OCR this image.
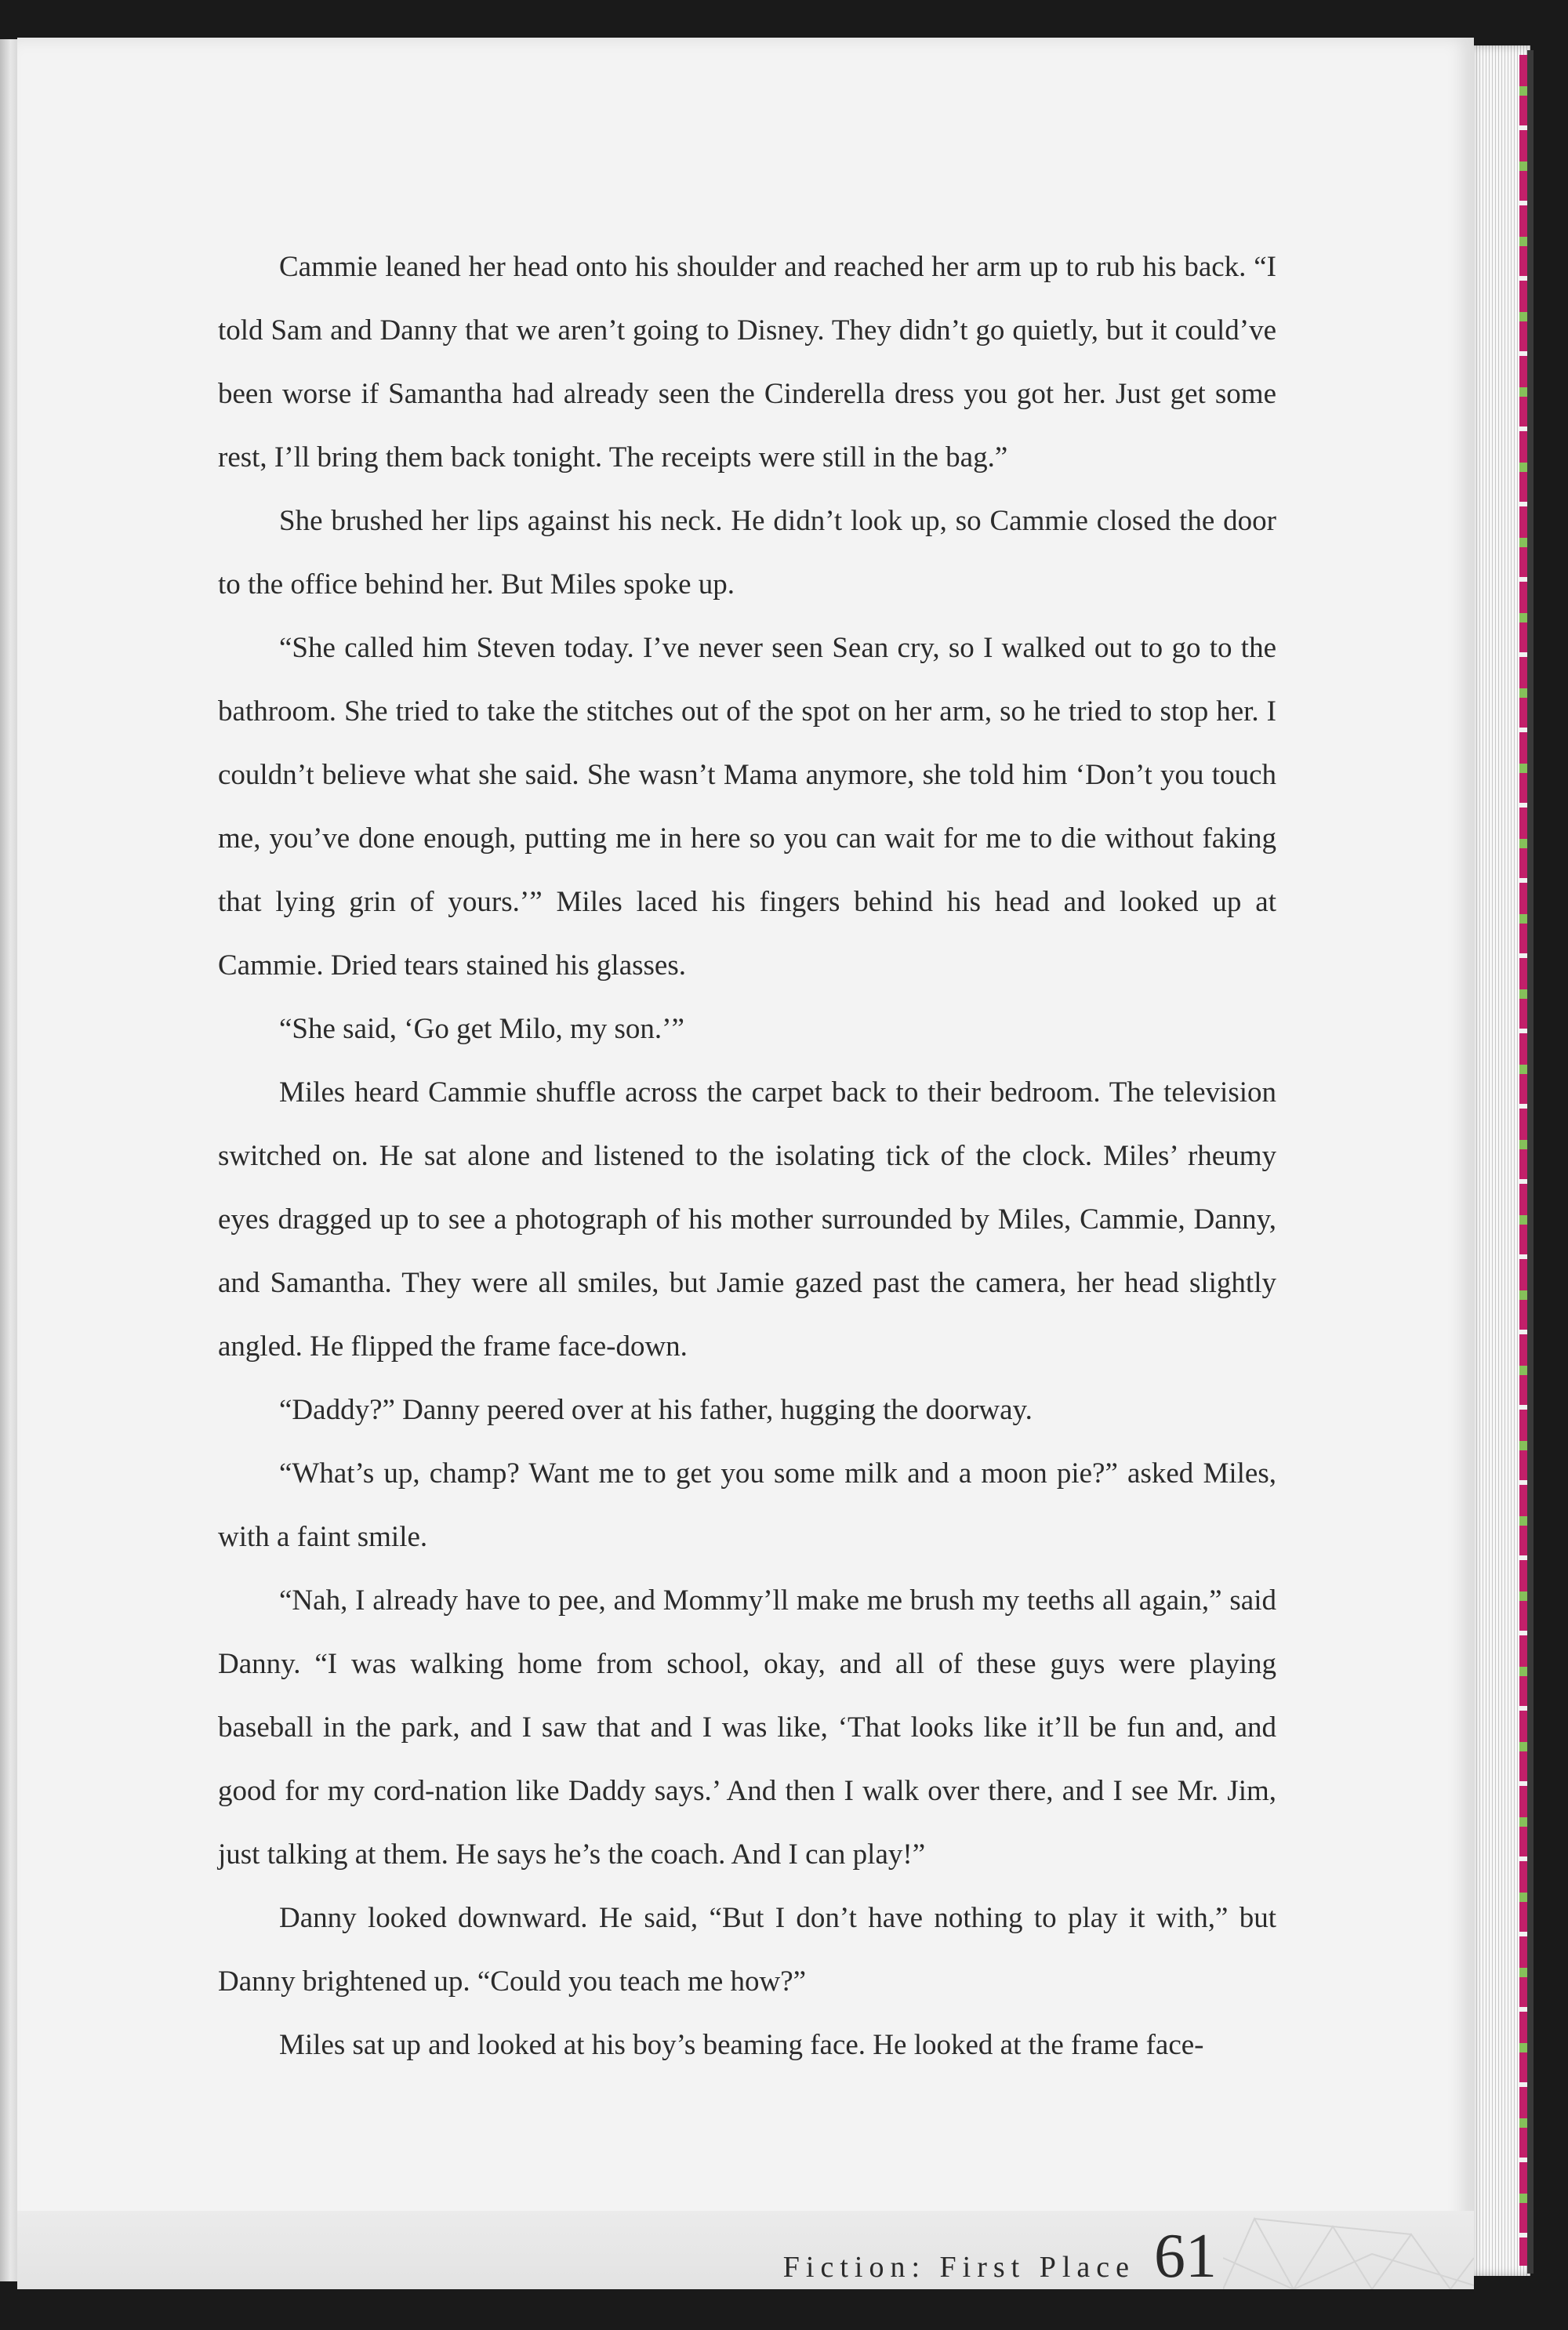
Cammie leaned her head onto his shoulder and reached her arm up to rub his back. “I told Sam and Danny that we aren’t going to Disney. They didn’t go quietly, but it could’ve been worse if Samantha had already seen the Cinderella dress you got her. Just get some rest, I’ll bring them back tonight. The receipts were still in the bag.”

She brushed her lips against his neck. He didn’t look up, so Cammie closed the door to the office behind her. But Miles spoke up.

“She called him Steven today. I’ve never seen Sean cry, so I walked out to go to the bathroom. She tried to take the stitches out of the spot on her arm, so he tried to stop her. I couldn’t believe what she said. She wasn’t Mama anymore, she told him ‘Don’t you touch me, you’ve done enough, putting me in here so you can wait for me to die without faking that lying grin of yours.’” Miles laced his fingers behind his head and looked up at Cammie. Dried tears stained his glasses.

“She said, ‘Go get Milo, my son.’”

Miles heard Cammie shuffle across the carpet back to their bedroom. The television switched on. He sat alone and listened to the isolating tick of the clock. Miles’ rheumy eyes dragged up to see a photograph of his mother surrounded by Miles, Cammie, Danny, and Samantha. They were all smiles, but Jamie gazed past the camera, her head slightly angled. He flipped the frame face-down.

“Daddy?” Danny peered over at his father, hugging the doorway.

“What’s up, champ? Want me to get you some milk and a moon pie?” asked Miles, with a faint smile.

“Nah, I already have to pee, and Mommy’ll make me brush my teeths all again,” said Danny. “I was walking home from school, okay, and all of these guys were playing baseball in the park, and I saw that and I was like, ‘That looks like it’ll be fun and, and good for my cord-nation like Daddy says.’ And then I walk over there, and I see Mr. Jim, just talking at them. He says he’s the coach. And I can play!”

Danny looked downward. He said, “But I don’t have nothing to play it with,” but Danny brightened up. “Could you teach me how?”

Miles sat up and looked at his boy’s beaming face. He looked at the frame face-

Fiction: First Place 61
